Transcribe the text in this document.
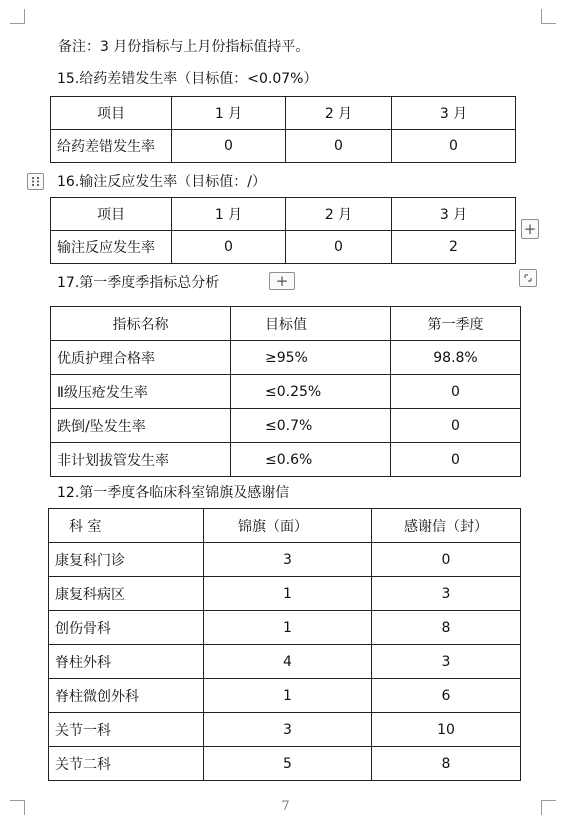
备注：3 月份指标与上月份指标值持平。
15.给药差错发生率（目标值：<0.07%）
项目	1 月	2 月	3 月
给药差错发生率	0	0	0
16.输注反应发生率（目标值：/）
项目	1 月	2 月	3 月
输注反应发生率	0	0	2
+
+
17.第一季度季指标总分析
指标名称	目标值	第一季度
优质护理合格率	≥95%	98.8%
Ⅱ级压疮发生率	≤0.25%	0
跌倒/坠发生率	≤0.7%	0
非计划拔管发生率	≤0.6%	0
12.第一季度各临床科室锦旗及感谢信
科 室	锦旗（面）	感谢信（封）
康复科门诊	3	0
康复科病区	1	3
创伤骨科	1	8
脊柱外科	4	3
脊柱微创外科	1	6
关节一科	3	10
关节二科	5	8
7
